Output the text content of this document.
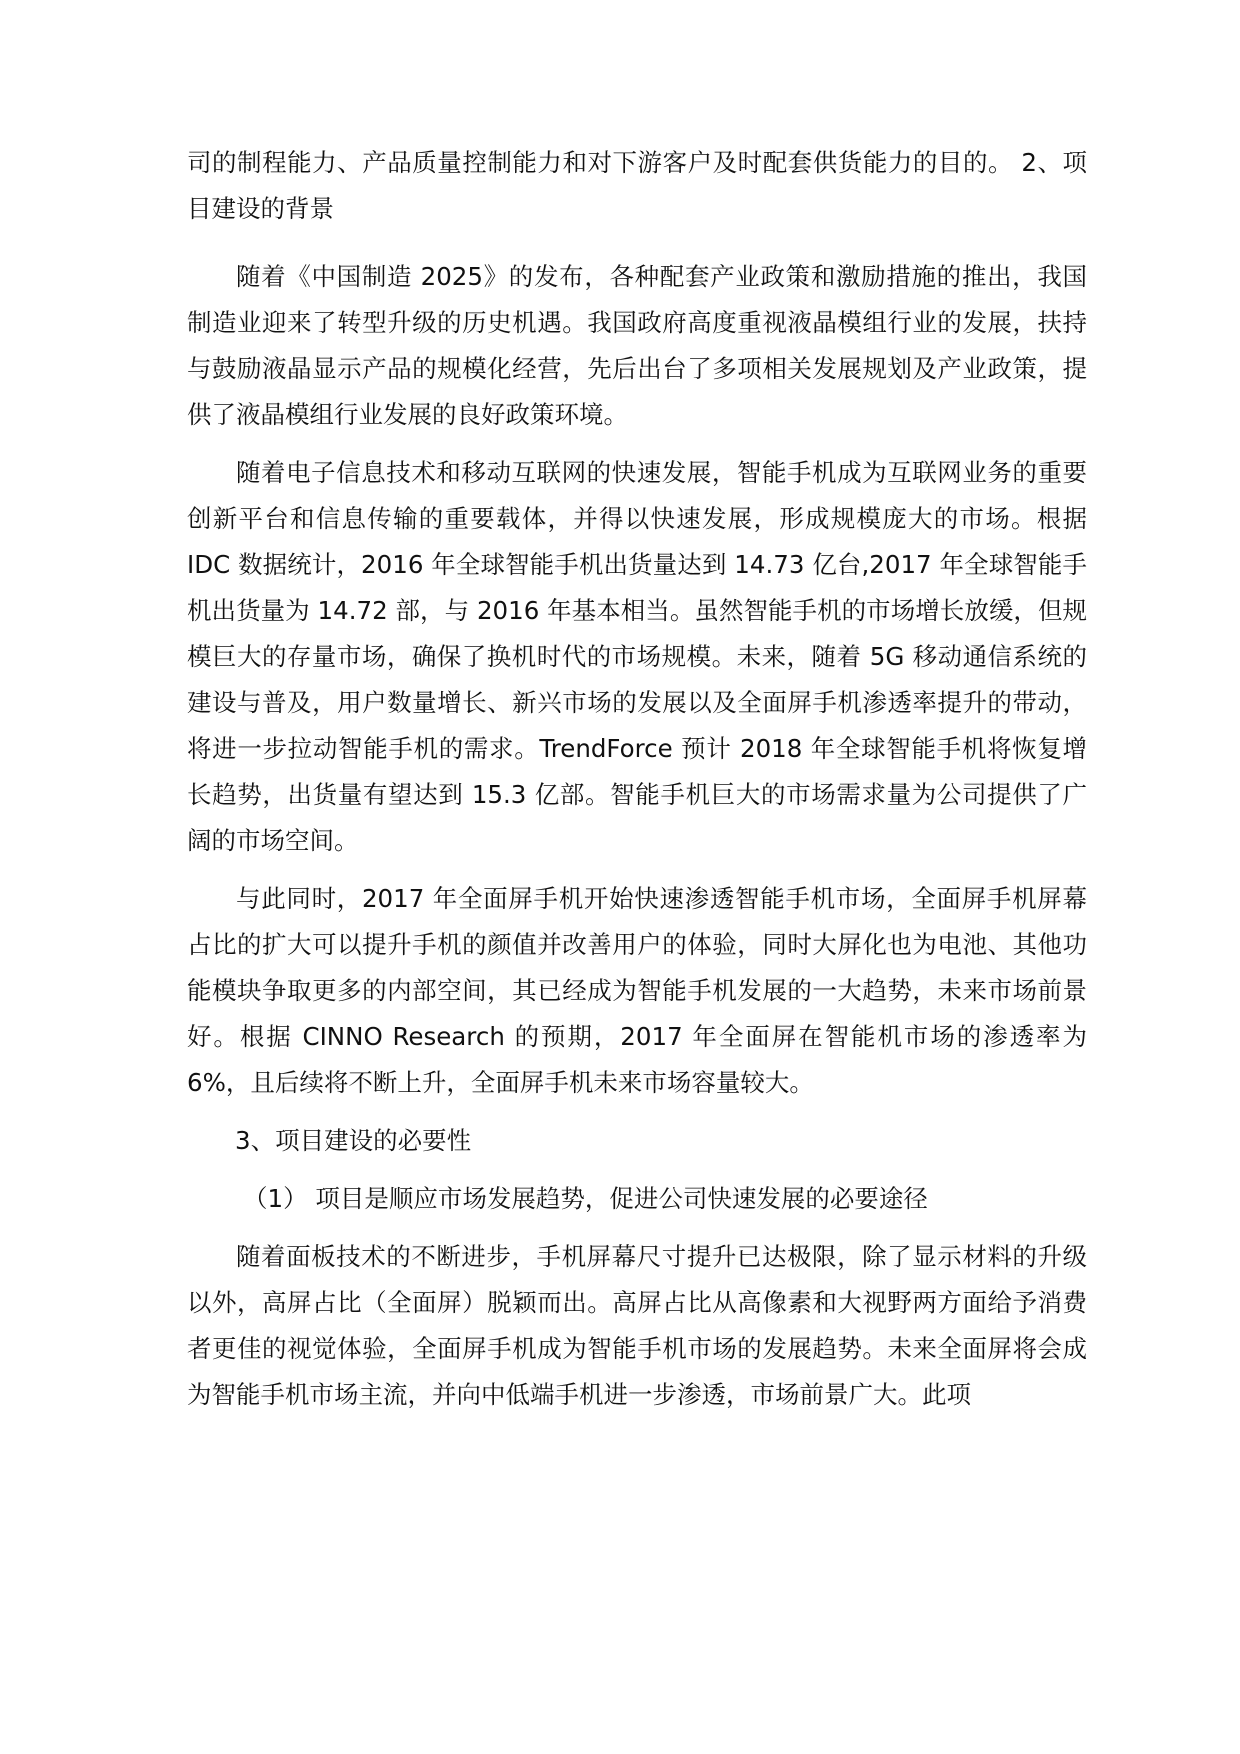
司的制程能力、产品质量控制能力和对下游客户及时配套供货能力的目的。 2、项目建设的背景

随着《中国制造 2025》的发布，各种配套产业政策和激励措施的推出，我国制造业迎来了转型升级的历史机遇。我国政府高度重视液晶模组行业的发展，扶持与鼓励液晶显示产品的规模化经营，先后出台了多项相关发展规划及产业政策，提供了液晶模组行业发展的良好政策环境。

随着电子信息技术和移动互联网的快速发展，智能手机成为互联网业务的重要创新平台和信息传输的重要载体，并得以快速发展，形成规模庞大的市场。根据 IDC 数据统计，2016 年全球智能手机出货量达到 14.73 亿台,2017 年全球智能手机出货量为 14.72 部，与 2016 年基本相当。虽然智能手机的市场增长放缓，但规模巨大的存量市场，确保了换机时代的市场规模。未来，随着 5G 移动通信系统的建设与普及，用户数量增长、新兴市场的发展以及全面屏手机渗透率提升的带动，将进一步拉动智能手机的需求。TrendForce 预计 2018 年全球智能手机将恢复增长趋势，出货量有望达到 15.3 亿部。智能手机巨大的市场需求量为公司提供了广阔的市场空间。

与此同时，2017 年全面屏手机开始快速渗透智能手机市场，全面屏手机屏幕占比的扩大可以提升手机的颜值并改善用户的体验，同时大屏化也为电池、其他功能模块争取更多的内部空间，其已经成为智能手机发展的一大趋势，未来市场前景好。根据 CINNO Research 的预期，2017 年全面屏在智能机市场的渗透率为 6%，且后续将不断上升，全面屏手机未来市场容量较大。

3、项目建设的必要性

（1） 项目是顺应市场发展趋势，促进公司快速发展的必要途径

随着面板技术的不断进步，手机屏幕尺寸提升已达极限，除了显示材料的升级以外，高屏占比（全面屏）脱颖而出。高屏占比从高像素和大视野两方面给予消费者更佳的视觉体验，全面屏手机成为智能手机市场的发展趋势。未来全面屏将会成为智能手机市场主流，并向中低端手机进一步渗透，市场前景广大。此项
